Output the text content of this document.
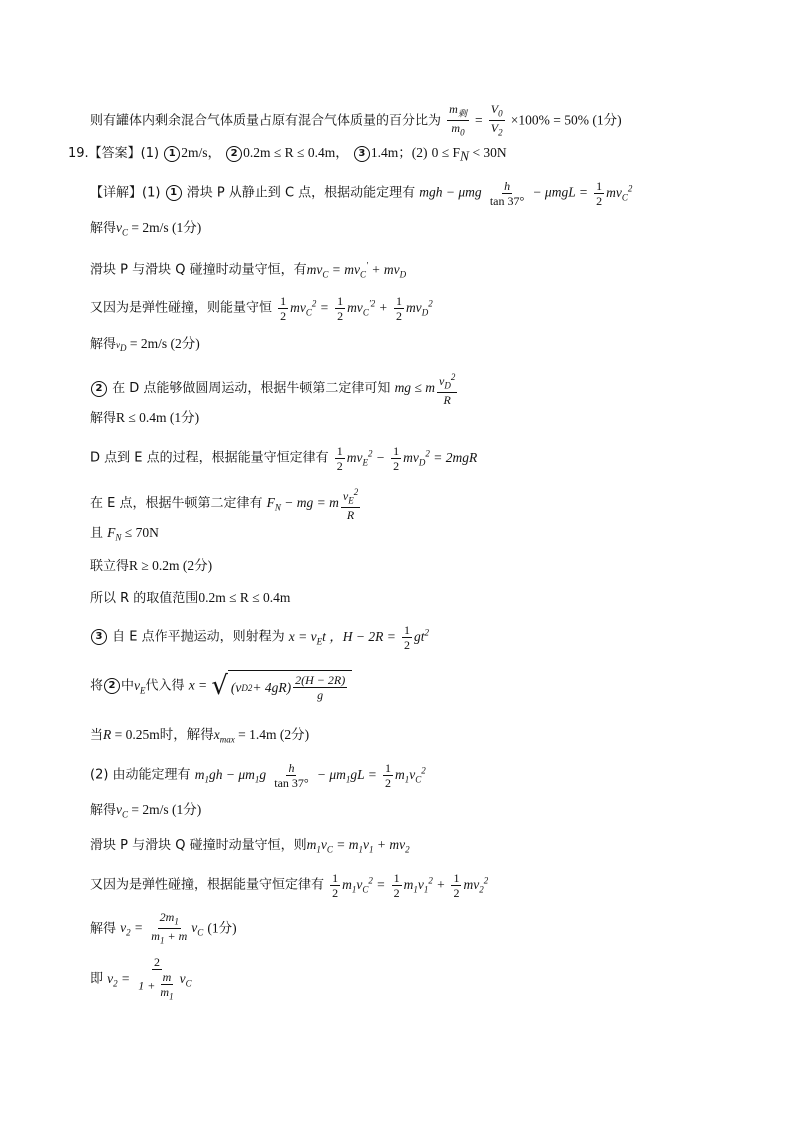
则有罐体内剩余混合气体质量占原有混合气体质量的百分比为 $\frac{m_剩}{m_0} = \frac{V_0}{V_2} \times 100\% = 50\%$ (1分)
19.【答案】(1) 1 2m/s， 2 0.2m ≤ R ≤ 0.4m， 3 1.4m；(2) $0 \le F_N < 30N$
【详解】(1) 1 滑块 P 从静止到 C 点，根据动能定理有 mgh − μmg $\frac{h}{\tan 37^\circ} - \mu mgL = \frac{1}{2} mv_C^2$
解得$v_C = 2m/s$ (1分)
滑块 P 与滑块 Q 碰撞时动量守恒，有$mv_C = mv_C' + mv_D$
又因为是弹性碰撞，则能量守恒 $\frac{1}{2} mv_C^2 = \frac{1}{2} mv_C^{'2} + \frac{1}{2} mv_D^2$
解得$v_D = 2m/s$ (2分)
2 在 D 点能够做圆周运动，根据牛顿第二定律可知 mg ≤ m $\frac{v_D^2}{R}$
解得R ≤ 0.4m (1分)
D 点到 E 点的过程，根据能量守恒定律有 $\frac{1}{2} mv_E^2 - \frac{1}{2} mv_D^2 = 2mgR$
在 E 点，根据牛顿第二定律有 $F_N$ − mg = m $\frac{v_E^2}{R}$
且 $F_N \le 70N$
联立得R ≥ 0.2m (2分)
所以 R 的取值范围0.2m ≤ R ≤ 0.4m
3 自 E 点作平抛运动，则射程为 $x = v_Et$ ，$H - 2R = \frac{1}{2} gt^2$
将 2 中$v_E$代入得 x = √ (v D $2 + 4gR) \frac{2(H - 2R)}{g}$
当R = 0.25m时，解得$x_{max} = 1.4m$ (2分)
(2) 由动能定理有 $m_1gh - \mu m_1g \frac{h}{\tan 37^\circ} - \mu m_1gL = \frac{1}{2} m_1v_C^2$
解得$v_C = 2m/s$ (1分)
滑块 P 与滑块 Q 碰撞时动量守恒，则$m_1v_C = m_1v_1 + mv_2$
又因为是弹性碰撞，根据能量守恒定律有 $\frac{1}{2} m_1v_C^2 = \frac{1}{2} m_1v_1^2 + \frac{1}{2} mv_2^2$
解得 $v_2 = \frac{2m_1}{m_1 + m} v_C$ (1分)
即 $v_2 = \frac{2}{1 + \frac{m}{m_1}} v_C$
